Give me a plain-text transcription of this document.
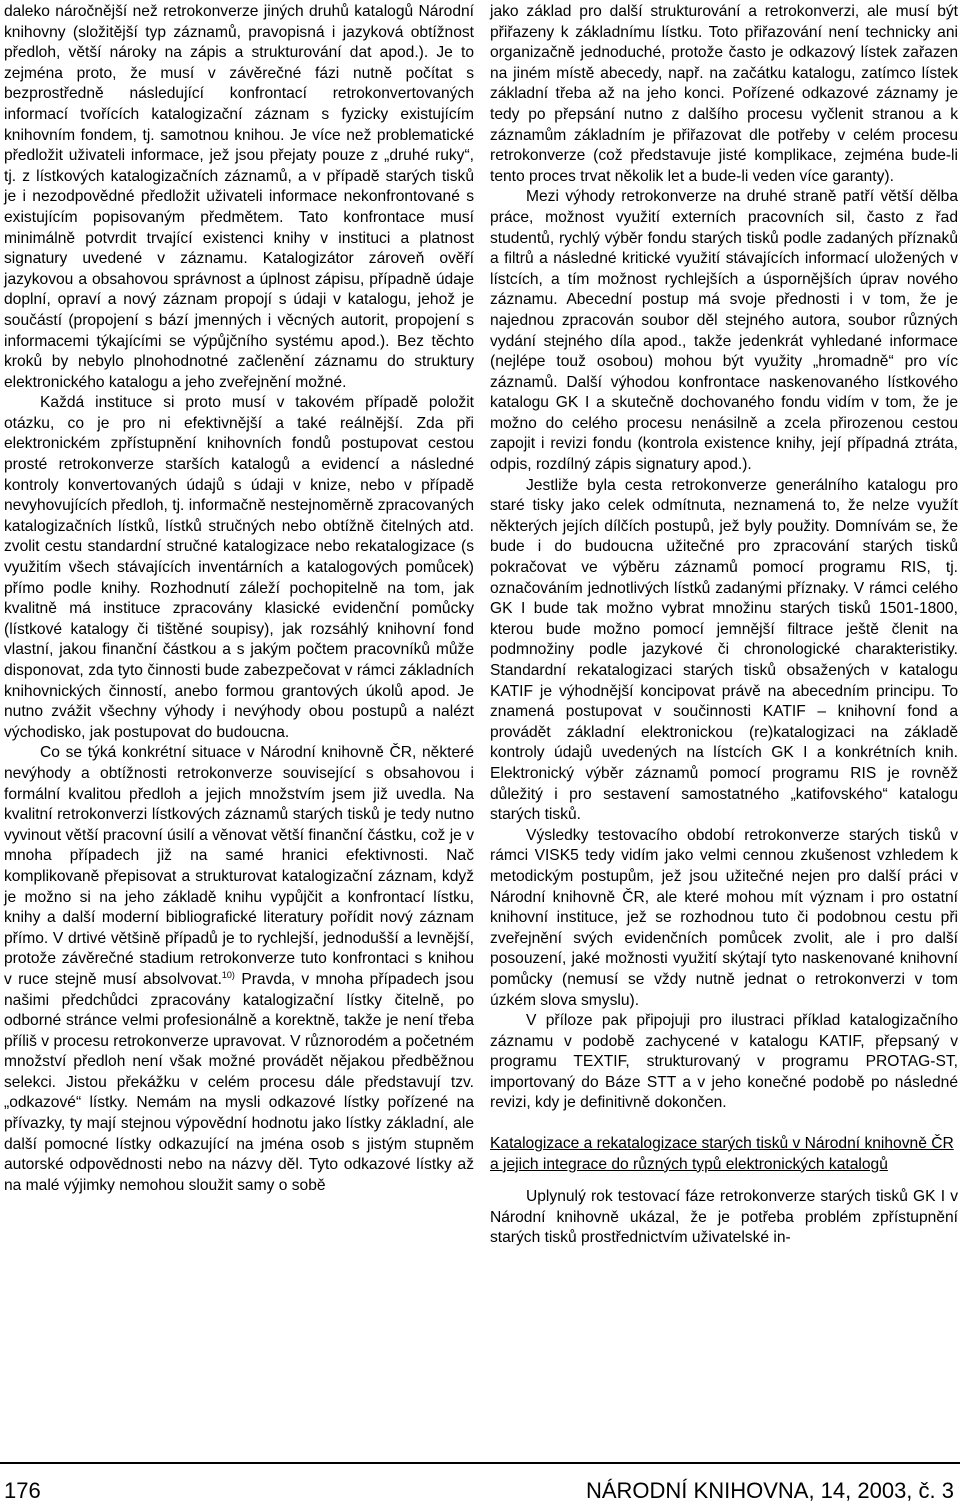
daleko náročnější než retrokonverze jiných druhů katalogů Národní knihovny (složitější typ záznamů, pravopisná i jazyková obtížnost předloh, větší nároky na zápis a strukturování dat apod.). Je to zejména proto, že musí v závěrečné fázi nutně počítat s bezprostředně následující konfrontací retrokonvertovaných informací tvořících katalogizační záznam s fyzicky existujícím knihovním fondem, tj. samotnou knihou. Je více než problematické předložit uživateli informace, jež jsou přejaty pouze z „druhé ruky“, tj. z lístkových katalogizačních záznamů, a v případě starých tisků je i nezodpovědné předložit uživateli informace nekonfrontované s existujícím popisovaným předmětem. Tato konfrontace musí minimálně potvrdit trvající existenci knihy v instituci a platnost signatury uvedené v záznamu. Katalogizátor zároveň ověří jazykovou a obsahovou správnost a úplnost zápisu, případně údaje doplní, opraví a nový záznam propojí s údaji v katalogu, jehož je součástí (propojení s bází jmenných i věcných autorit, propojení s informacemi týkajícími se výpůjčního systému apod.). Bez těchto kroků by nebylo plnohodnotné začlenění záznamu do struktury elektronického katalogu a jeho zveřejnění možné.

Každá instituce si proto musí v takovém případě položit otázku, co je pro ni efektivnější a také reálnější. Zda při elektronickém zpřístupnění knihovních fondů postupovat cestou prosté retrokonverze starších katalogů a evidencí a následné kontroly konvertovaných údajů s údaji v knize, nebo v případě nevyhovujících předloh, tj. informačně nestejnoměrně zpracovaných katalogizačních lístků, lístků stručných nebo obtížně čitelných atd. zvolit cestu standardní stručné katalogizace nebo rekatalogizace (s využitím všech stávajících inventárních a katalogových pomůcek) přímo podle knihy. Rozhodnutí záleží pochopitelně na tom, jak kvalitně má instituce zpracovány klasické evidenční pomůcky (lístkové katalogy či tištěné soupisy), jak rozsáhlý knihovní fond vlastní, jakou finanční částkou a s jakým počtem pracovníků může disponovat, zda tyto činnosti bude zabezpečovat v rámci základních knihovnických činností, anebo formou grantových úkolů apod. Je nutno zvážit všechny výhody i nevýhody obou postupů a nalézt východisko, jak postupovat do budoucna.

Co se týká konkrétní situace v Národní knihovně ČR, některé nevýhody a obtížnosti retrokonverze související s obsahovou i formální kvalitou předloh a jejich množstvím jsem již uvedla. Na kvalitní retrokonverzi lístkových záznamů starých tisků je tedy nutno vyvinout větší pracovní úsilí a věnovat větší finanční částku, což je v mnoha případech již na samé hranici efektivnosti. Nač komplikovaně přepisovat a strukturovat katalogizační záznam, když je možno si na jeho základě knihu vypůjčit a konfrontací lístku, knihy a další moderní bibliografické literatury pořídit nový záznam přímo. V drtivé většině případů je to rychlejší, jednodušší a levnější, protože závěrečné stadium retrokonverze tuto konfrontaci s knihou v ruce stejně musí absolvovat.$^{10)}$ Pravda, v mnoha případech jsou našimi předchůdci zpracovány katalogizační lístky čitelně, po odborné stránce velmi profesionálně a korektně, takže je není třeba příliš v procesu retrokonverze upravovat. V různorodém a početném množství předloh není však možné provádět nějakou předběžnou selekci. Jistou překážku v celém procesu dále představují tzv. „odkazové“ lístky. Nemám na mysli odkazové lístky pořízené na přívazky, ty mají stejnou výpovědní hodnotu jako lístky základní, ale další pomocné lístky odkazující na jména osob s jistým stupněm autorské odpovědnosti nebo na názvy děl. Tyto odkazové lístky až na malé výjimky nemohou sloužit samy o sobě

jako základ pro další strukturování a retrokonverzi, ale musí být přiřazeny k základnímu lístku. Toto přiřazování není technicky ani organizačně jednoduché, protože často je odkazový lístek zařazen na jiném místě abecedy, např. na začátku katalogu, zatímco lístek základní třeba až na jeho konci. Pořízené odkazové záznamy je tedy po přepsání nutno z dalšího procesu vyčlenit stranou a k záznamům základním je přiřazovat dle potřeby v celém procesu retrokonverze (což představuje jisté komplikace, zejména bude-li tento proces trvat několik let a bude-li veden více garanty).

Mezi výhody retrokonverze na druhé straně patří větší dělba práce, možnost využití externích pracovních sil, často z řad studentů, rychlý výběr fondu starých tisků podle zadaných příznaků a filtrů a následné kritické využití stávajících informací uložených v lístcích, a tím možnost rychlejších a úspornějších úprav nového záznamu. Abecední postup má svoje přednosti i v tom, že je najednou zpracován soubor děl stejného autora, soubor různých vydání stejného díla apod., takže jedenkrát vyhledané informace (nejlépe touž osobou) mohou být využity „hromadně“ pro víc záznamů. Další výhodou konfrontace naskenovaného lístkového katalogu GK I a skutečně dochovaného fondu vidím v tom, že je možno do celého procesu nenásilně a zcela přirozenou cestou zapojit i revizi fondu (kontrola existence knihy, její případná ztráta, odpis, rozdílný zápis signatury apod.).

Jestliže byla cesta retrokonverze generálního katalogu pro staré tisky jako celek odmítnuta, neznamená to, že nelze využít některých jejích dílčích postupů, jež byly použity. Domnívám se, že bude i do budoucna užitečné pro zpracování starých tisků pokračovat ve výběru záznamů pomocí programu RIS, tj. označováním jednotlivých lístků zadanými příznaky. V rámci celého GK I bude tak možno vybrat množinu starých tisků 1501-1800, kterou bude možno pomocí jemnější filtrace ještě členit na podmnožiny podle jazykové či chronologické charakteristiky. Standardní rekatalogizaci starých tisků obsažených v katalogu KATIF je výhodnější koncipovat právě na abecedním principu. To znamená postupovat v součinnosti KATIF – knihovní fond a provádět základní elektronickou (re)katalogizaci na základě kontroly údajů uvedených na lístcích GK I a konkrétních knih. Elektronický výběr záznamů pomocí programu RIS je rovněž důležitý i pro sestavení samostatného „katifovského“ katalogu starých tisků.

Výsledky testovacího období retrokonverze starých tisků v rámci VISK5 tedy vidím jako velmi cennou zkušenost vzhledem k metodickým postupům, jež jsou užitečné nejen pro další práci v Národní knihovně ČR, ale které mohou mít význam i pro ostatní knihovní instituce, jež se rozhodnou tuto či podobnou cestu při zveřejnění svých evidenčních pomůcek zvolit, ale i pro další posouzení, jaké možnosti využití skýtají tyto naskenované knihovní pomůcky (nemusí se vždy nutně jednat o retrokonverzi v tom úzkém slova smyslu).

V příloze pak připojuji pro ilustraci příklad katalogizačního záznamu v podobě zachycené v katalogu KATIF, přepsaný v programu TEXTIF, strukturovaný v programu PROTAG-ST, importovaný do Báze STT a v jeho konečné podobě po následné revizi, kdy je definitivně dokončen.

Katalogizace a rekatalogizace starých tisků v Národní knihovně ČR a jejich integrace do různých typů elektronických katalogů

Uplynulý rok testovací fáze retrokonverze starých tisků GK I v Národní knihovně ukázal, že je potřeba problém zpřístupnění starých tisků prostřednictvím uživatelské in-

176	NÁRODNÍ KNIHOVNA, 14, 2003, č. 3
